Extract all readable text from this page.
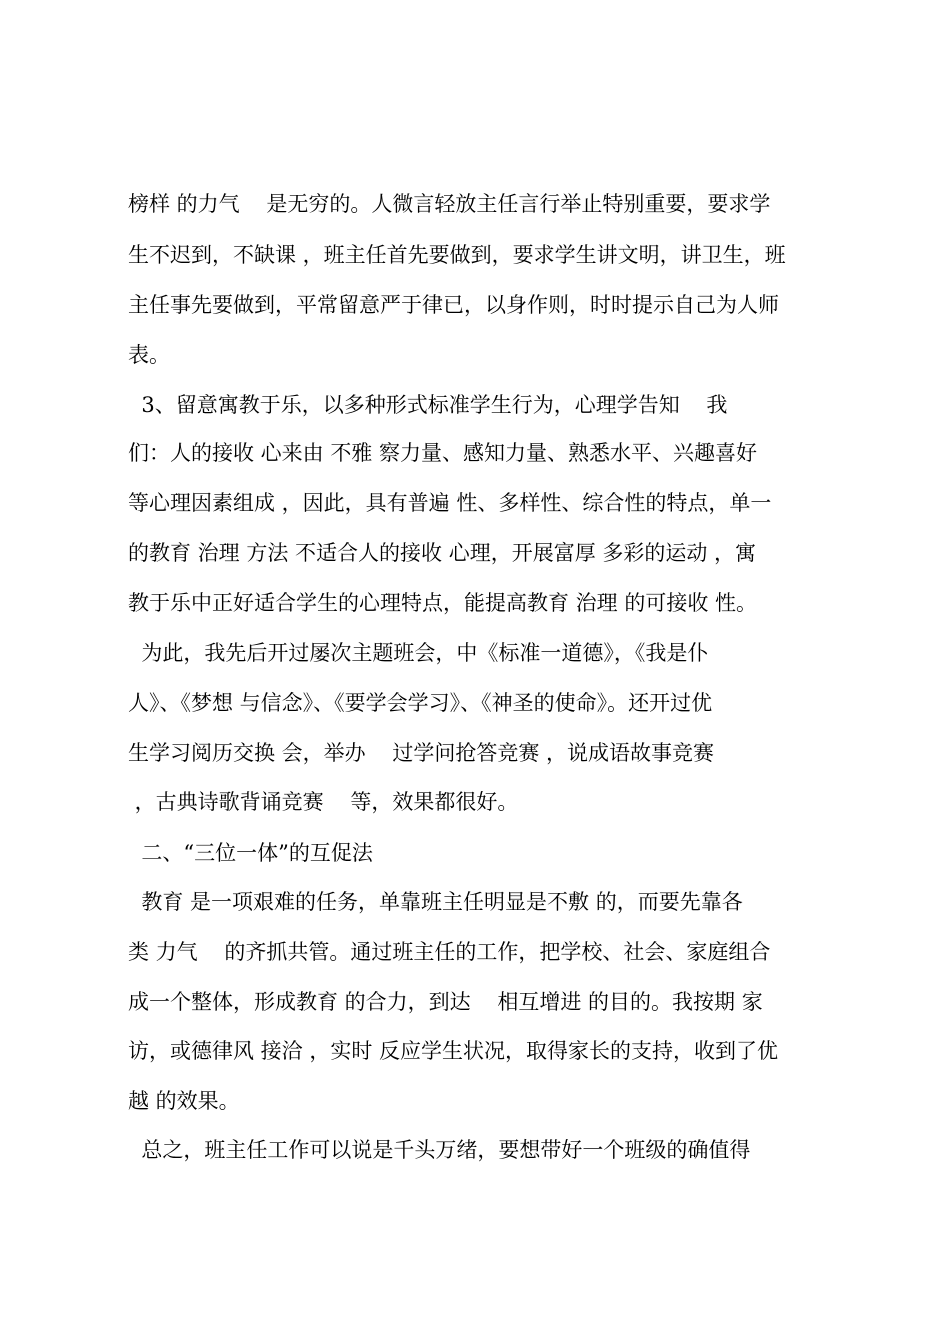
榜样 的力气    是无穷的。人微言轻放主任言行举止特别重要，要求学
生不迟到，不缺课 ，班主任首先要做到，要求学生讲文明，讲卫生，班
主任事先要做到，平常留意严于律已，以身作则，时时提示自己为人师
表。
3、留意寓教于乐，以多种形式标准学生行为，心理学告知    我
们：人的接收 心来由 不雅 察力量、感知力量、熟悉水平、兴趣喜好
等心理因素组成 ，因此，具有普遍 性、多样性、综合性的特点，单一
的教育 治理 方法 不适合人的接收 心理，开展富厚 多彩的运动 ，寓
教于乐中正好适合学生的心理特点，能提高教育 治理 的可接收 性。
为此，我先后开过屡次主题班会，中《标准一道德》，《我是仆
人》、《梦想 与信念》、《要学会学习》、《神圣的使命》。还开过优
生学习阅历交换 会，举办    过学问抢答竞赛 ，说成语故事竞赛
，古典诗歌背诵竞赛    等，效果都很好。
二、“三位一体”的互促法
教育 是一项艰难的任务，单靠班主任明显是不敷 的，而要先靠各
类 力气    的齐抓共管。通过班主任的工作，把学校、社会、家庭组合
成一个整体，形成教育 的合力，到达    相互增进 的目的。我按期 家
访，或德律风 接洽 ，实时 反应学生状况，取得家长的支持，收到了优
越 的效果。
总之，班主任工作可以说是千头万绪，要想带好一个班级的确值得
